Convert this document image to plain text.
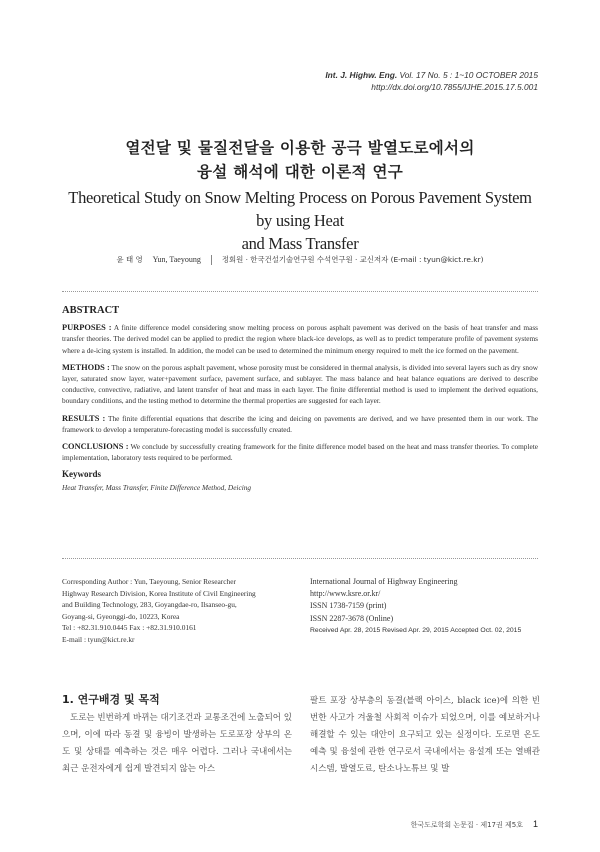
Int. J. Highw. Eng. Vol. 17 No. 5 : 1~10 OCTOBER 2015
http://dx.doi.org/10.7855/IJHE.2015.17.5.001
열전달 및 물질전달을 이용한 공극 발열도로에서의
융설 해석에 대한 이론적 연구
Theoretical Study on Snow Melting Process on Porous Pavement System by using Heat
and Mass Transfer
윤 태 영 Yun, Taeyoung	정회원 · 한국건설기술연구원 수석연구원 · 교신저자 (E-mail : tyun@kict.re.kr)
ABSTRACT

PURPOSES : A finite difference model considering snow melting process on porous asphalt pavement was derived on the basis of heat transfer and mass transfer theories. The derived model can be applied to predict the region where black-ice develops, as well as to predict temperature profile of pavement systems where a de-icing system is installed. In addition, the model can be used to determined the minimum energy required to melt the ice formed on the pavement.

METHODS : The snow on the porous asphalt pavement, whose porosity must be considered in thermal analysis, is divided into several layers such as dry snow layer, saturated snow layer, water+pavement surface, pavement surface, and sublayer. The mass balance and heat balance equations are derived to describe conductive, convective, radiative, and latent transfer of heat and mass in each layer. The finite differential method is used to implement the derived equations, boundary conditions, and the testing method to determine the thermal properties are suggested for each layer.

RESULTS : The finite differential equations that describe the icing and deicing on pavements are derived, and we have presented them in our work. The framework to develop a temperature-forecasting model is successfully created.

CONCLUSIONS : We conclude by successfully creating framework for the finite difference model based on the heat and mass transfer theories. To complete implementation, laboratory tests required to be performed.

Keywords
Heat Transfer, Mass Transfer, Finite Difference Method, Deicing
Corresponding Author : Yun, Taeyoung, Senior Researcher
Highway Research Division, Korea Institute of Civil Engineering
and Building Technology, 283, Goyangdae-ro, Ilsanseo-gu,
Goyang-si, Gyeonggi-do, 10223, Korea
Tel : +82.31.910.0445 Fax : +82.31.910.0161
E-mail : tyun@kict.re.kr
International Journal of Highway Engineering
http://www.ksre.or.kr/
ISSN 1738-7159 (print)
ISSN 2287-3678 (Online)
Received Apr. 28, 2015 Revised Apr. 29, 2015 Accepted Oct. 02, 2015
1. 연구배경 및 목적
도로는 빈번하게 바뀌는 대기조건과 교통조건에 노출되어 있으며, 이에 따라 동결 및 융빙이 발생하는 도로포장 상부의 온도 및 상태를 예측하는 것은 매우 어렵다. 그러나 국내에서는 최근 운전자에게 쉽게 발견되지 않는 아스
팔트 포장 상부층의 동결(블랙 아이스, black ice)에 의한 빈번한 사고가 겨울철 사회적 이슈가 되었으며, 이를 예보하거나 해결할 수 있는 대안이 요구되고 있는 실정이다. 도로면 온도 예측 및 융설에 관한 연구로서 국내에서는 융설계 또는 열배관 시스템, 발열도료, 탄소나노튜브 및 발
한국도로학회 논문집 · 제17권 제5호 1
